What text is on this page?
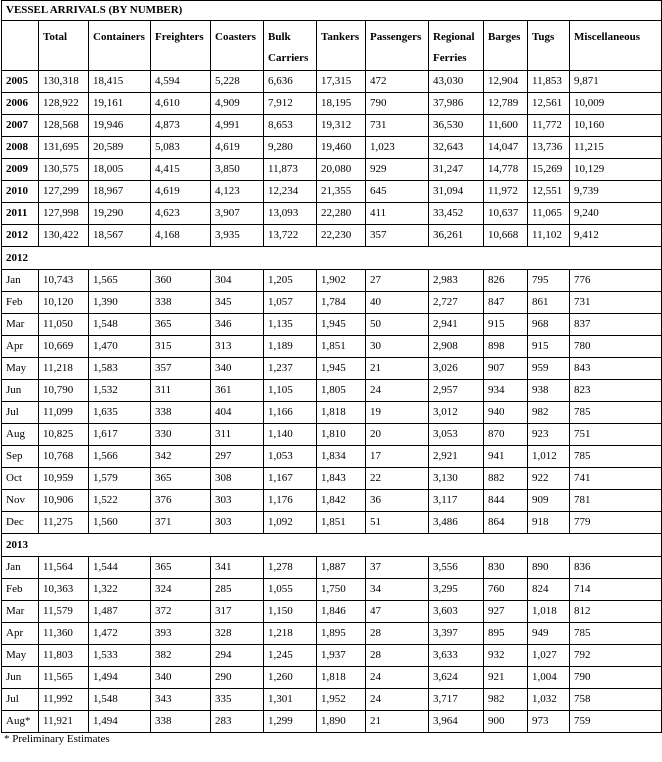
VESSEL ARRIVALS (BY NUMBER)											
	Total	Containers	Freighters	Coasters	Bulk Carriers	Tankers	Passengers	Regional Ferries	Barges	Tugs	Miscellaneous
2005	130,318	18,415	4,594	5,228	6,636	17,315	472	43,030	12,904	11,853	9,871
2006	128,922	19,161	4,610	4,909	7,912	18,195	790	37,986	12,789	12,561	10,009
2007	128,568	19,946	4,873	4,991	8,653	19,312	731	36,530	11,600	11,772	10,160
2008	131,695	20,589	5,083	4,619	9,280	19,460	1,023	32,643	14,047	13,736	11,215
2009	130,575	18,005	4,415	3,850	11,873	20,080	929	31,247	14,778	15,269	10,129
2010	127,299	18,967	4,619	4,123	12,234	21,355	645	31,094	11,972	12,551	9,739
2011	127,998	19,290	4,623	3,907	13,093	22,280	411	33,452	10,637	11,065	9,240
2012	130,422	18,567	4,168	3,935	13,722	22,230	357	36,261	10,668	11,102	9,412
2012											
Jan	10,743	1,565	360	304	1,205	1,902	27	2,983	826	795	776
Feb	10,120	1,390	338	345	1,057	1,784	40	2,727	847	861	731
Mar	11,050	1,548	365	346	1,135	1,945	50	2,941	915	968	837
Apr	10,669	1,470	315	313	1,189	1,851	30	2,908	898	915	780
May	11,218	1,583	357	340	1,237	1,945	21	3,026	907	959	843
Jun	10,790	1,532	311	361	1,105	1,805	24	2,957	934	938	823
Jul	11,099	1,635	338	404	1,166	1,818	19	3,012	940	982	785
Aug	10,825	1,617	330	311	1,140	1,810	20	3,053	870	923	751
Sep	10,768	1,566	342	297	1,053	1,834	17	2,921	941	1,012	785
Oct	10,959	1,579	365	308	1,167	1,843	22	3,130	882	922	741
Nov	10,906	1,522	376	303	1,176	1,842	36	3,117	844	909	781
Dec	11,275	1,560	371	303	1,092	1,851	51	3,486	864	918	779
2013											
Jan	11,564	1,544	365	341	1,278	1,887	37	3,556	830	890	836
Feb	10,363	1,322	324	285	1,055	1,750	34	3,295	760	824	714
Mar	11,579	1,487	372	317	1,150	1,846	47	3,603	927	1,018	812
Apr	11,360	1,472	393	328	1,218	1,895	28	3,397	895	949	785
May	11,803	1,533	382	294	1,245	1,937	28	3,633	932	1,027	792
Jun	11,565	1,494	340	290	1,260	1,818	24	3,624	921	1,004	790
Jul	11,992	1,548	343	335	1,301	1,952	24	3,717	982	1,032	758
Aug*	11,921	1,494	338	283	1,299	1,890	21	3,964	900	973	759
* Preliminary Estimates
